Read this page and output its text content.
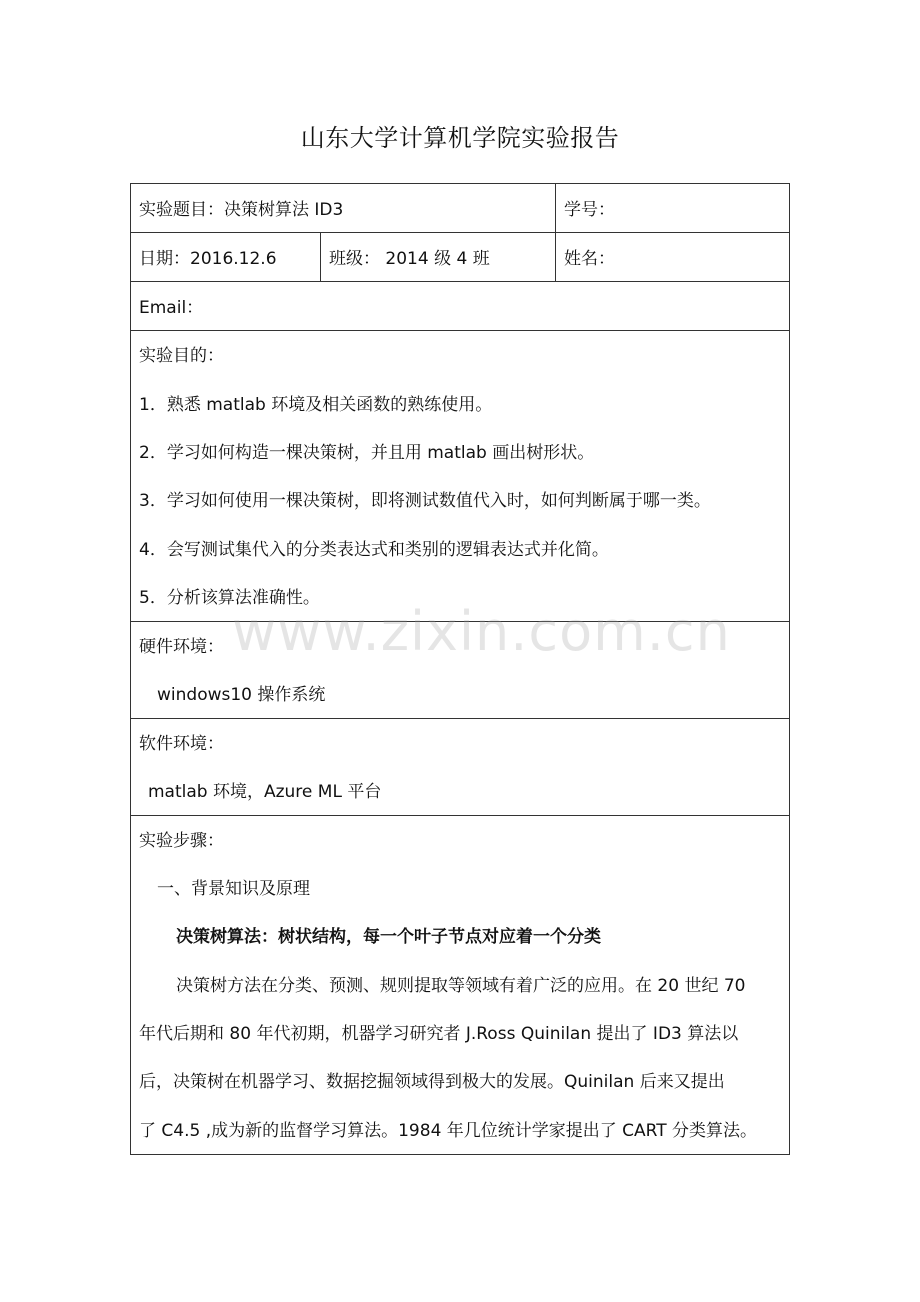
山东大学计算机学院实验报告
实验题目：决策树算法 ID3	学号：
日期：2016.12.6	班级： 2014 级 4 班	姓名：
Email：
实验目的：
1．熟悉 matlab 环境及相关函数的熟练使用。
2．学习如何构造一棵决策树，并且用 matlab 画出树形状。
3．学习如何使用一棵决策树，即将测试数值代入时，如何判断属于哪一类。
4．会写测试集代入的分类表达式和类别的逻辑表达式并化简。
5．分析该算法准确性。
硬件环境：
windows10 操作系统
软件环境：
matlab 环境，Azure ML 平台
实验步骤：
一、背景知识及原理
决策树算法：树状结构，每一个叶子节点对应着一个分类
决策树方法在分类、预测、规则提取等领域有着广泛的应用。在 20 世纪 70
年代后期和 80 年代初期，机器学习研究者 J.Ross Quinilan 提出了 ID3 算法以
后，决策树在机器学习、数据挖掘领域得到极大的发展。Quinilan 后来又提出
了 C4.5 ,成为新的监督学习算法。1984 年几位统计学家提出了 CART 分类算法。
www.zixin.com.cn
